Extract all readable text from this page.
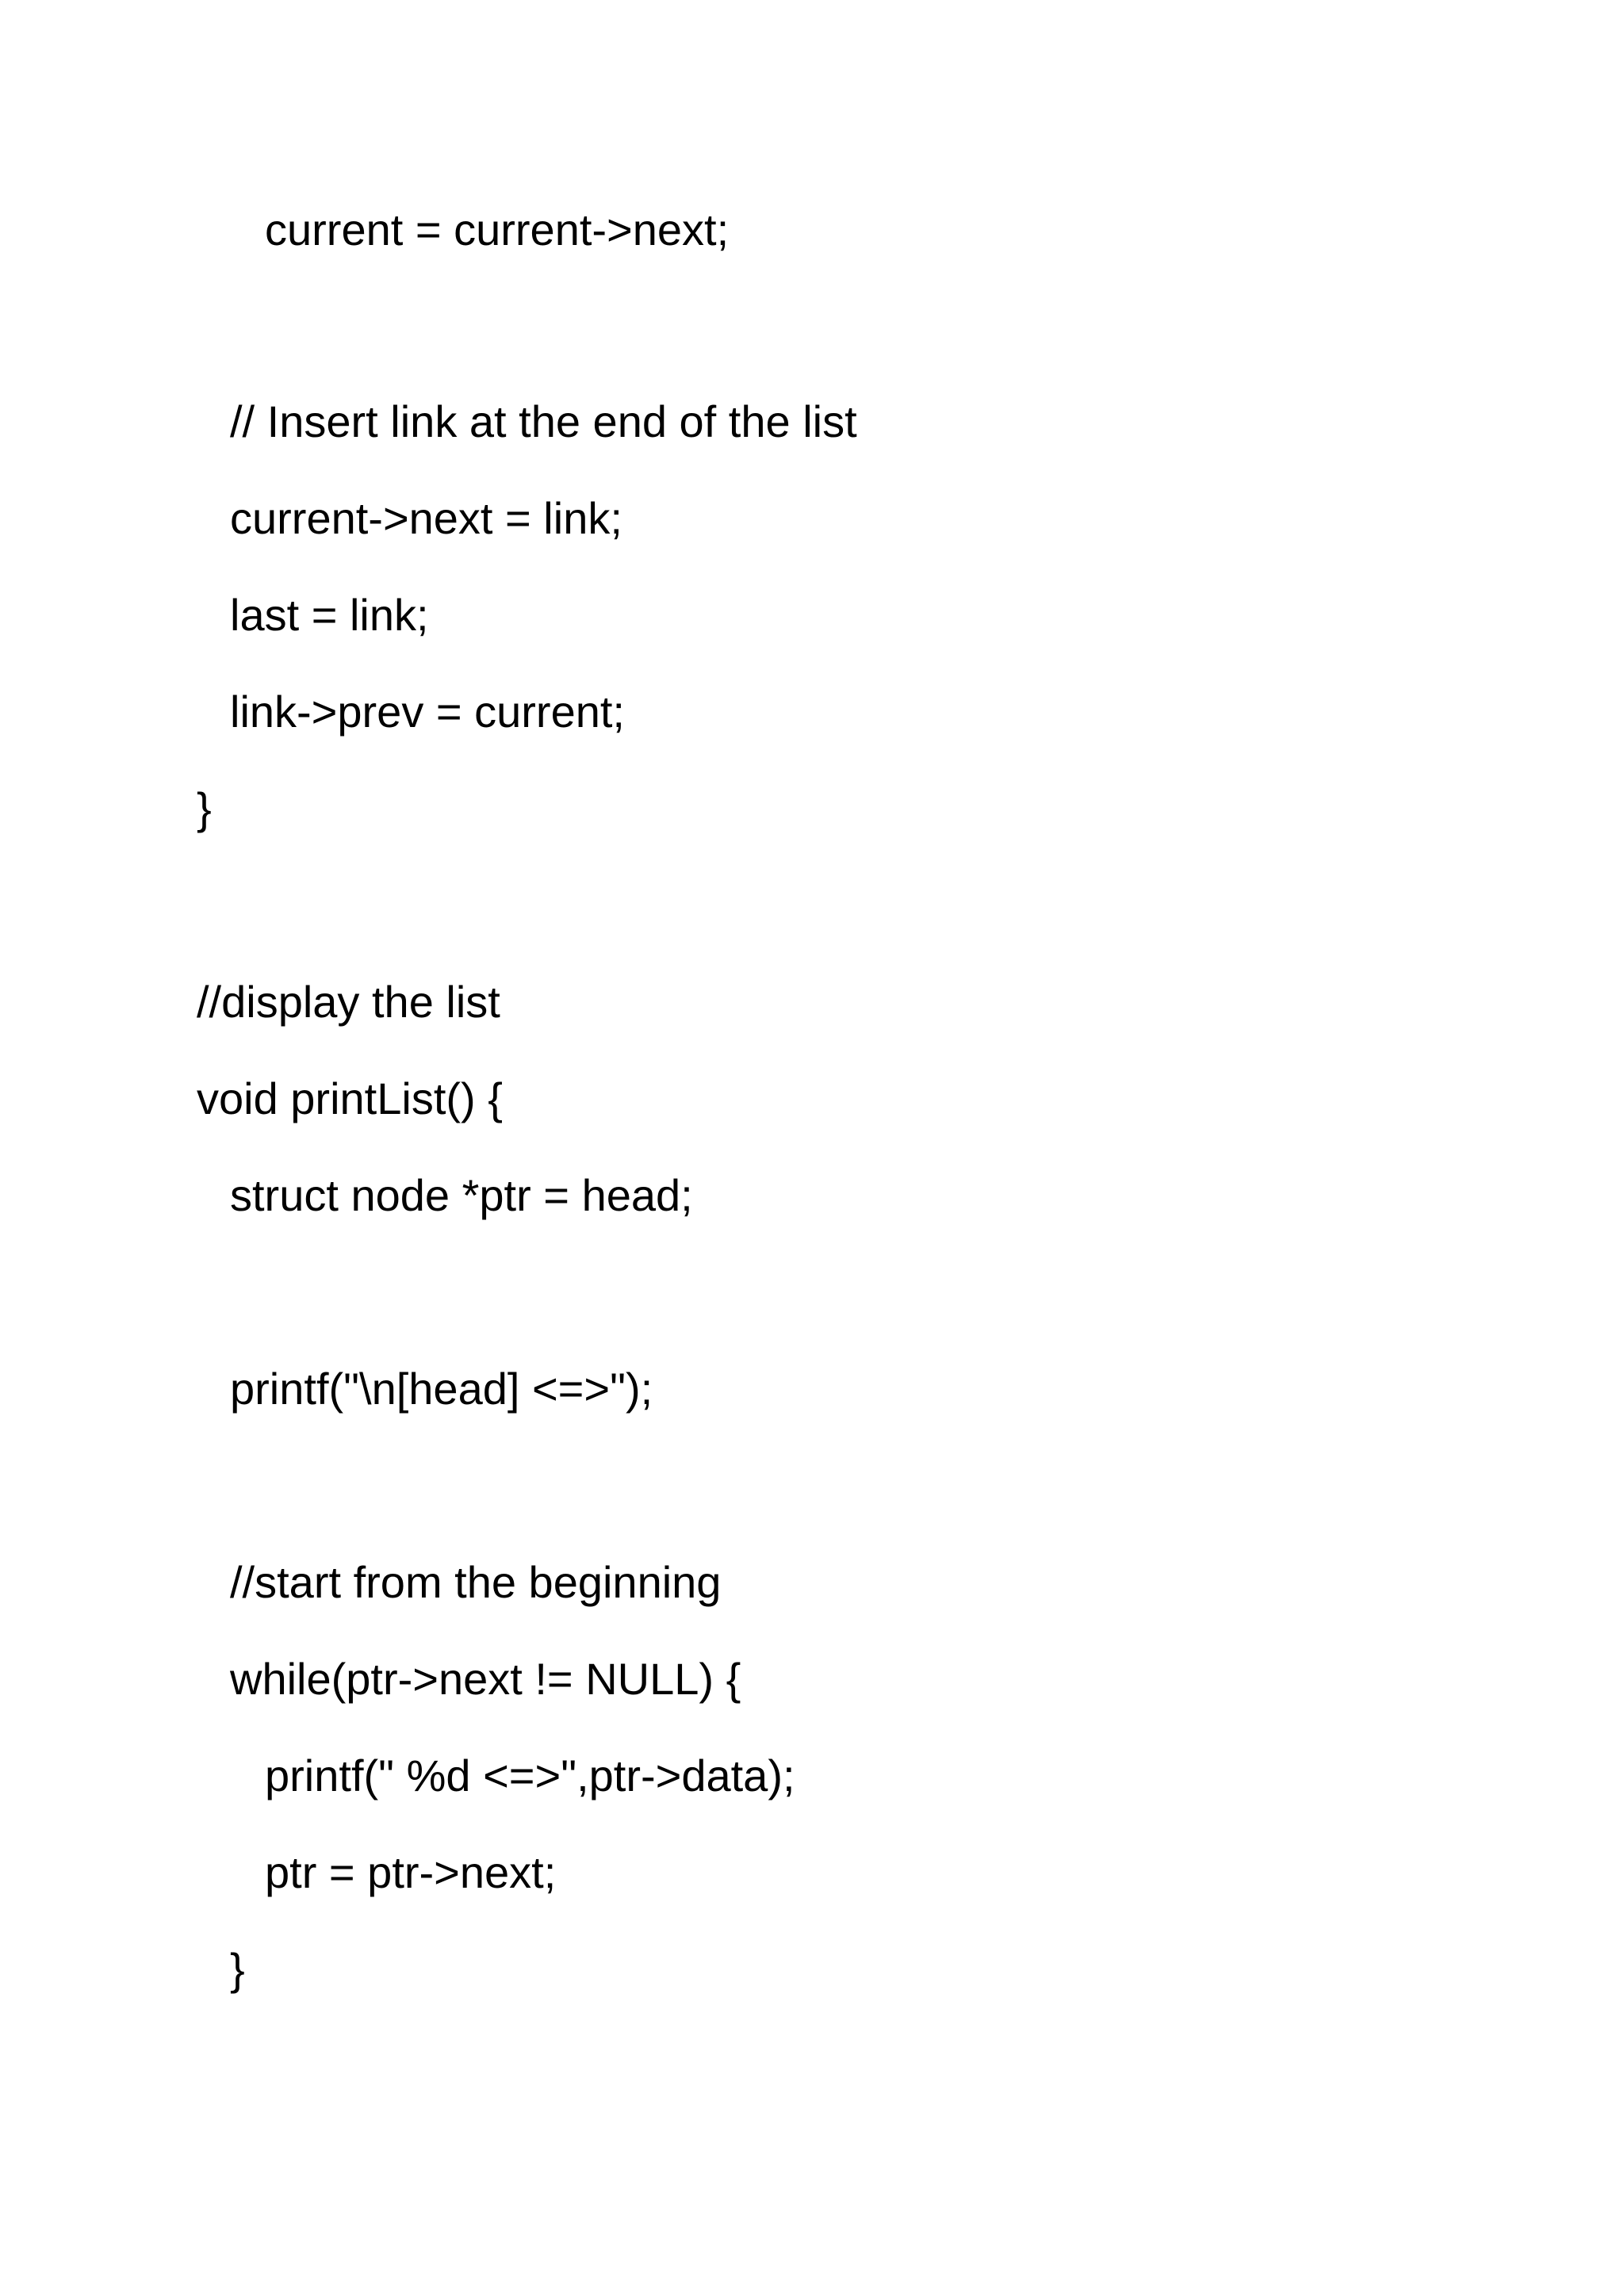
current = current->next;

// Insert link at the end of the list

current->next = link;

last = link;

link->prev = current;

}

//display the list

void printList() {

struct node *ptr = head;

printf("\n[head] <=>");

//start from the beginning

while(ptr->next != NULL) {

printf(" %d <=>",ptr->data);

ptr = ptr->next;

}
